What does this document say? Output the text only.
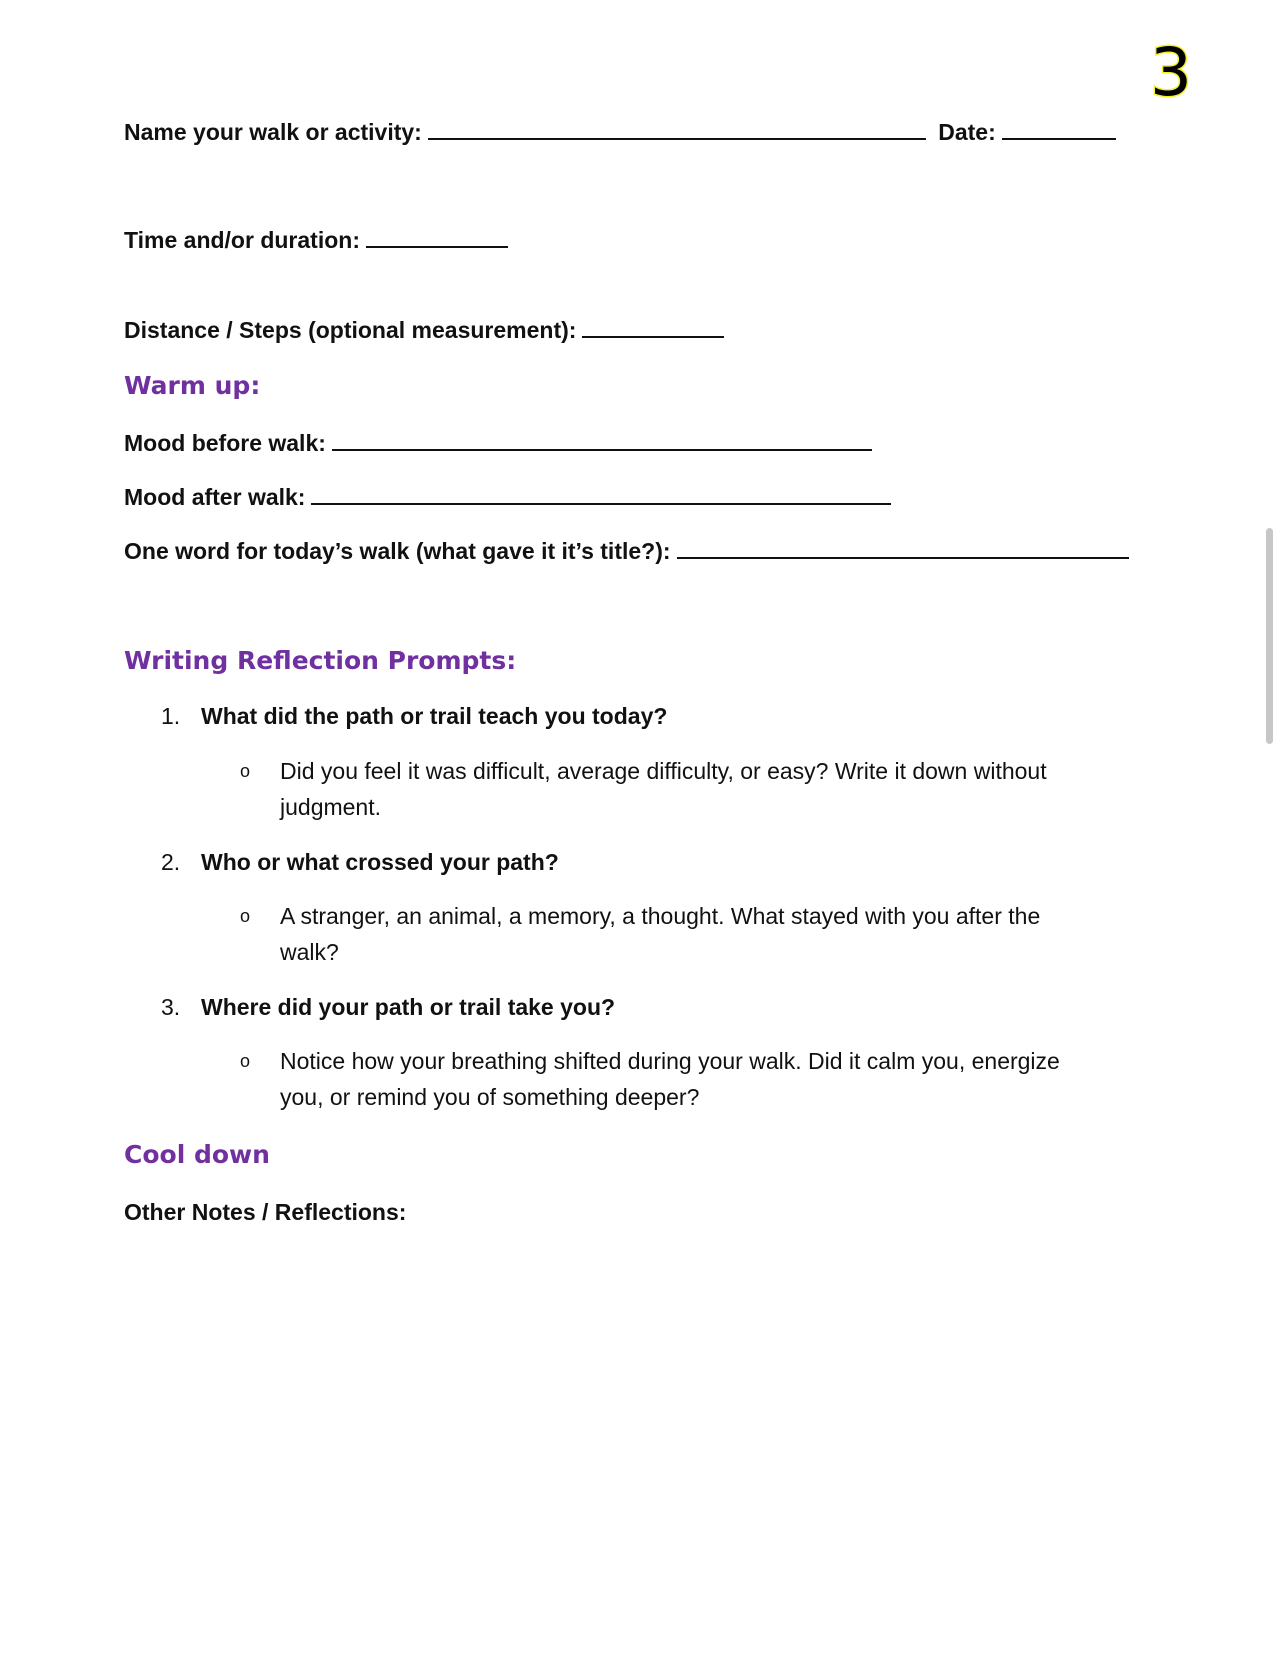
3
Name your walk or activity:	Date:
Time and/or duration:
Distance / Steps (optional measurement):
Warm up:
Mood before walk:
Mood after walk:
One word for today’s walk (what gave it it’s title?):
Writing Reflection Prompts:
1. What did the path or trail teach you today?
o	Did you feel it was difficult, average difficulty, or easy? Write it down without judgment.
2. Who or what crossed your path?
o	A stranger, an animal, a memory, a thought. What stayed with you after the walk?
3. Where did your path or trail take you?
o	Notice how your breathing shifted during your walk. Did it calm you, energize you, or remind you of something deeper?
Cool down
Other Notes / Reflections:
